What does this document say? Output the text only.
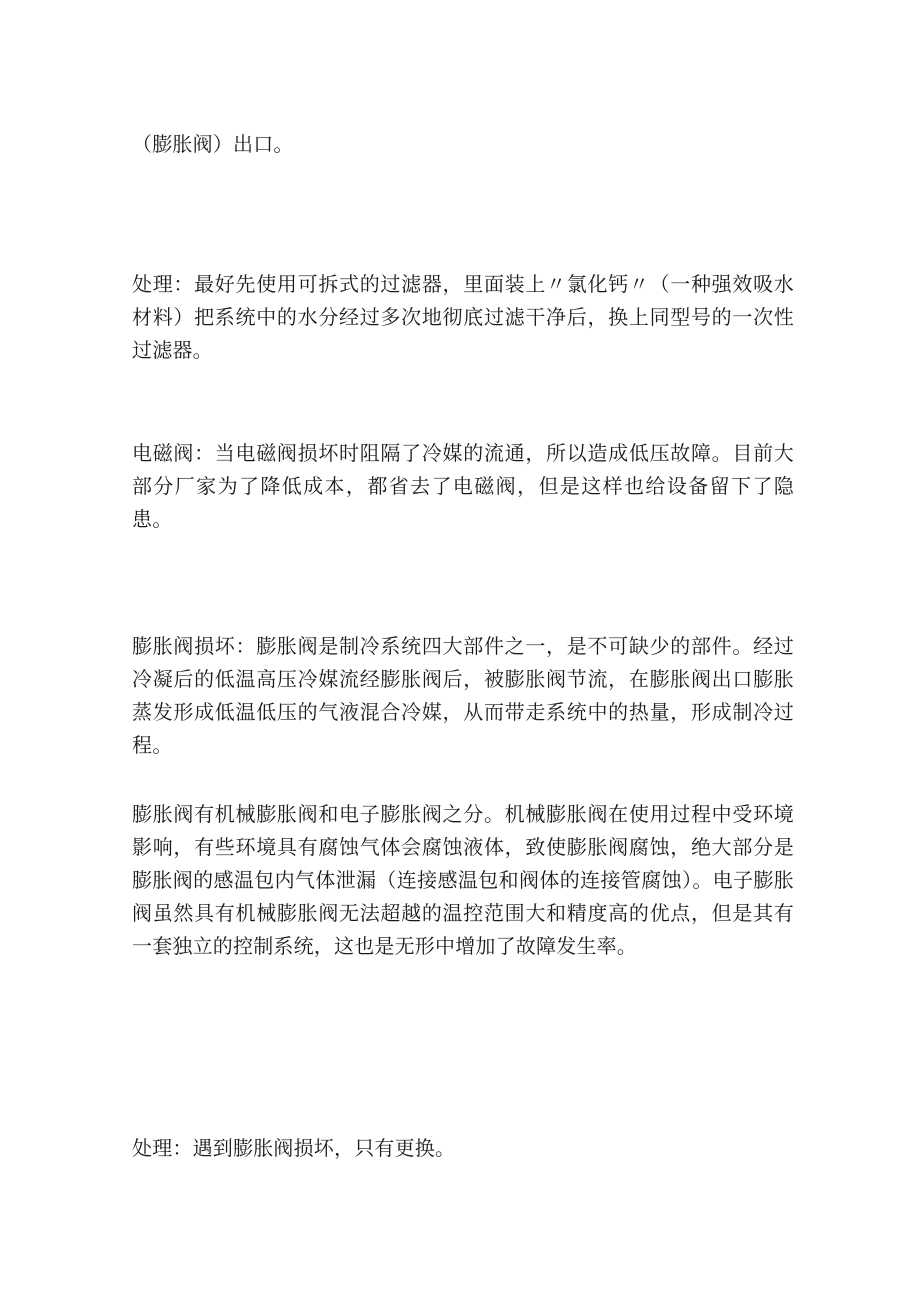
（膨胀阀）出口。

处理：最好先使用可拆式的过滤器，里面装上〃氯化钙〃（一种强效吸水材料）把系统中的水分经过多次地彻底过滤干净后，换上同型号的一次性过滤器。

电磁阀：当电磁阀损坏时阻隔了冷媒的流通，所以造成低压故障。目前大部分厂家为了降低成本，都省去了电磁阀，但是这样也给设备留下了隐患。

膨胀阀损坏：膨胀阀是制冷系统四大部件之一，是不可缺少的部件。经过冷凝后的低温高压冷媒流经膨胀阀后，被膨胀阀节流，在膨胀阀出口膨胀蒸发形成低温低压的气液混合冷媒，从而带走系统中的热量，形成制冷过程。

膨胀阀有机械膨胀阀和电子膨胀阀之分。机械膨胀阀在使用过程中受环境影响，有些环境具有腐蚀气体会腐蚀液体，致使膨胀阀腐蚀，绝大部分是膨胀阀的感温包内气体泄漏（连接感温包和阀体的连接管腐蚀）。电子膨胀阀虽然具有机械膨胀阀无法超越的温控范围大和精度高的优点，但是其有一套独立的控制系统，这也是无形中增加了故障发生率。

处理：遇到膨胀阀损坏，只有更换。
